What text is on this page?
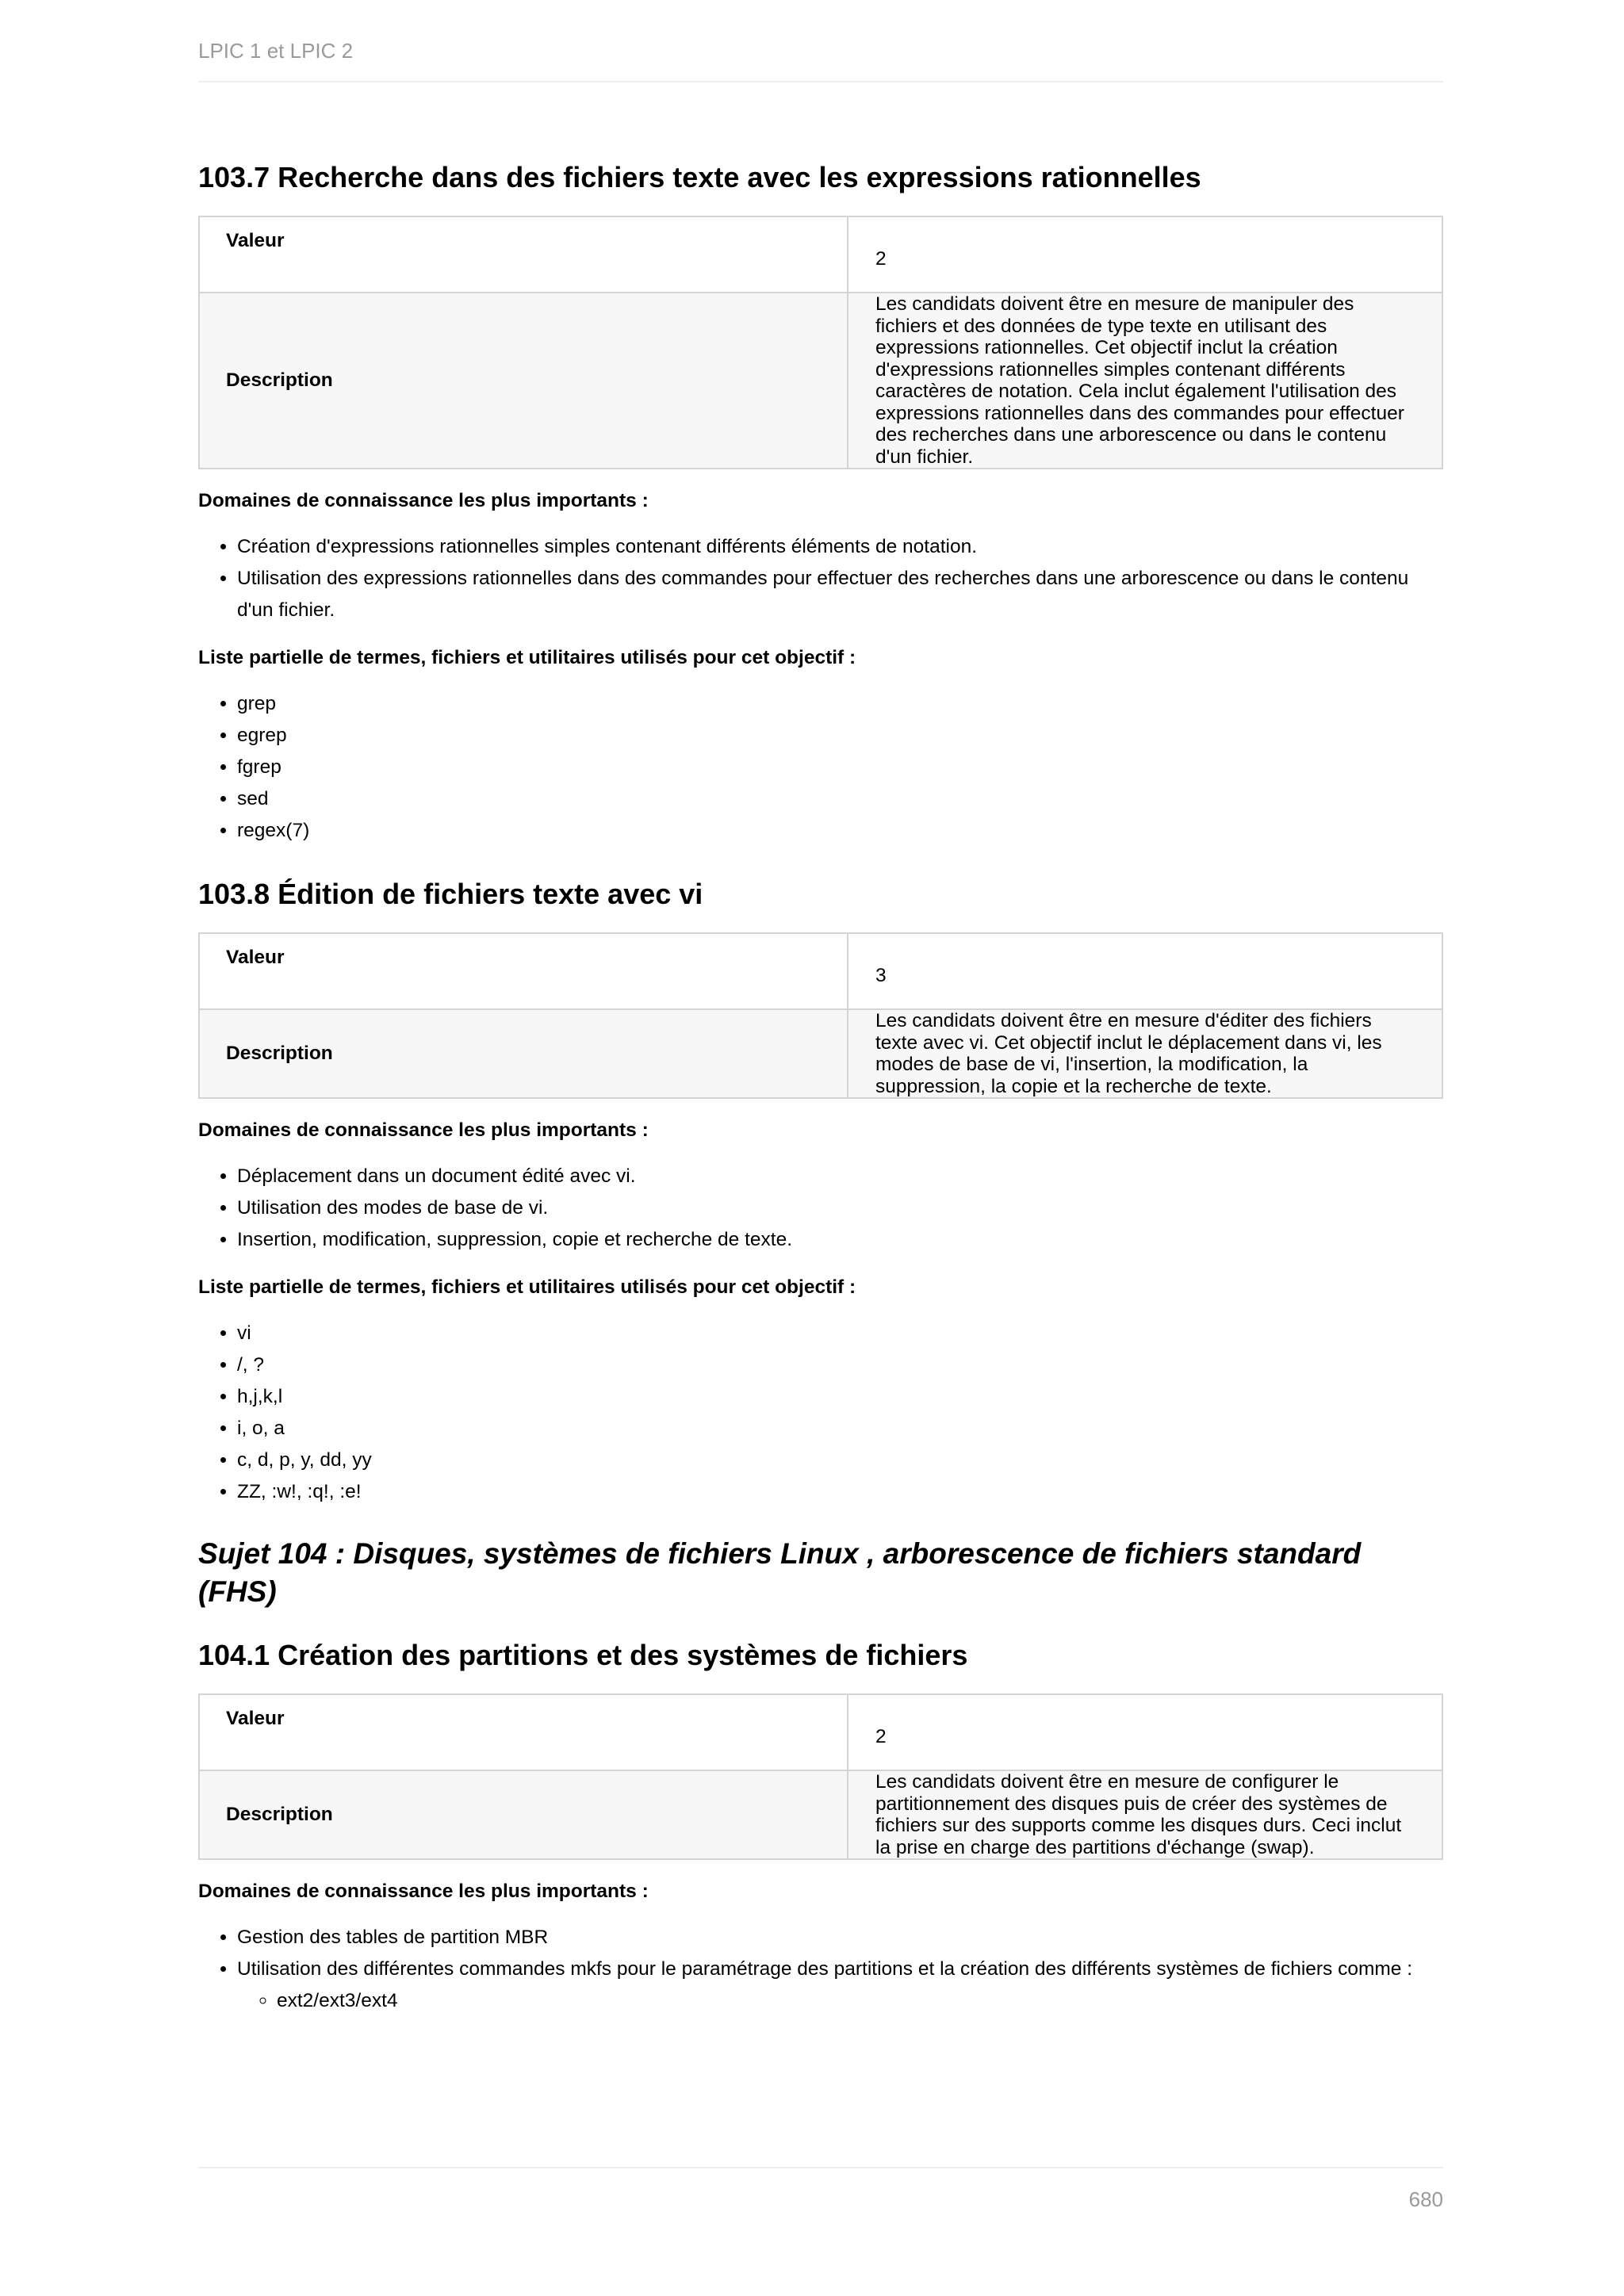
LPIC 1 et LPIC 2
103.7 Recherche dans des fichiers texte avec les expressions rationnelles
Valeur	2
Description	Les candidats doivent être en mesure de manipuler des fichiers et des données de type texte en utilisant des expressions rationnelles. Cet objectif inclut la création d'expressions rationnelles simples contenant différents caractères de notation. Cela inclut également l'utilisation des expressions rationnelles dans des commandes pour effectuer des recherches dans une arborescence ou dans le contenu d'un fichier.
Domaines de connaissance les plus importants :
• Création d'expressions rationnelles simples contenant différents éléments de notation.
• Utilisation des expressions rationnelles dans des commandes pour effectuer des recherches dans une arborescence ou dans le contenu d'un fichier.
Liste partielle de termes, fichiers et utilitaires utilisés pour cet objectif :
• grep
• egrep
• fgrep
• sed
• regex(7)
103.8 Édition de fichiers texte avec vi
Valeur	3
Description	Les candidats doivent être en mesure d'éditer des fichiers texte avec vi. Cet objectif inclut le déplacement dans vi, les modes de base de vi, l'insertion, la modification, la suppression, la copie et la recherche de texte.
Domaines de connaissance les plus importants :
• Déplacement dans un document édité avec vi.
• Utilisation des modes de base de vi.
• Insertion, modification, suppression, copie et recherche de texte.
Liste partielle de termes, fichiers et utilitaires utilisés pour cet objectif :
• vi
• /, ?
• h,j,k,l
• i, o, a
• c, d, p, y, dd, yy
• ZZ, :w!, :q!, :e!
Sujet 104 : Disques, systèmes de fichiers Linux , arborescence de fichiers standard (FHS)
104.1 Création des partitions et des systèmes de fichiers
Valeur	2
Description	Les candidats doivent être en mesure de configurer le partitionnement des disques puis de créer des systèmes de fichiers sur des supports comme les disques durs. Ceci inclut la prise en charge des partitions d'échange (swap).
Domaines de connaissance les plus importants :
• Gestion des tables de partition MBR
• Utilisation des différentes commandes mkfs pour le paramétrage des partitions et la création des différents systèmes de fichiers comme :
◦ ext2/ext3/ext4
680
